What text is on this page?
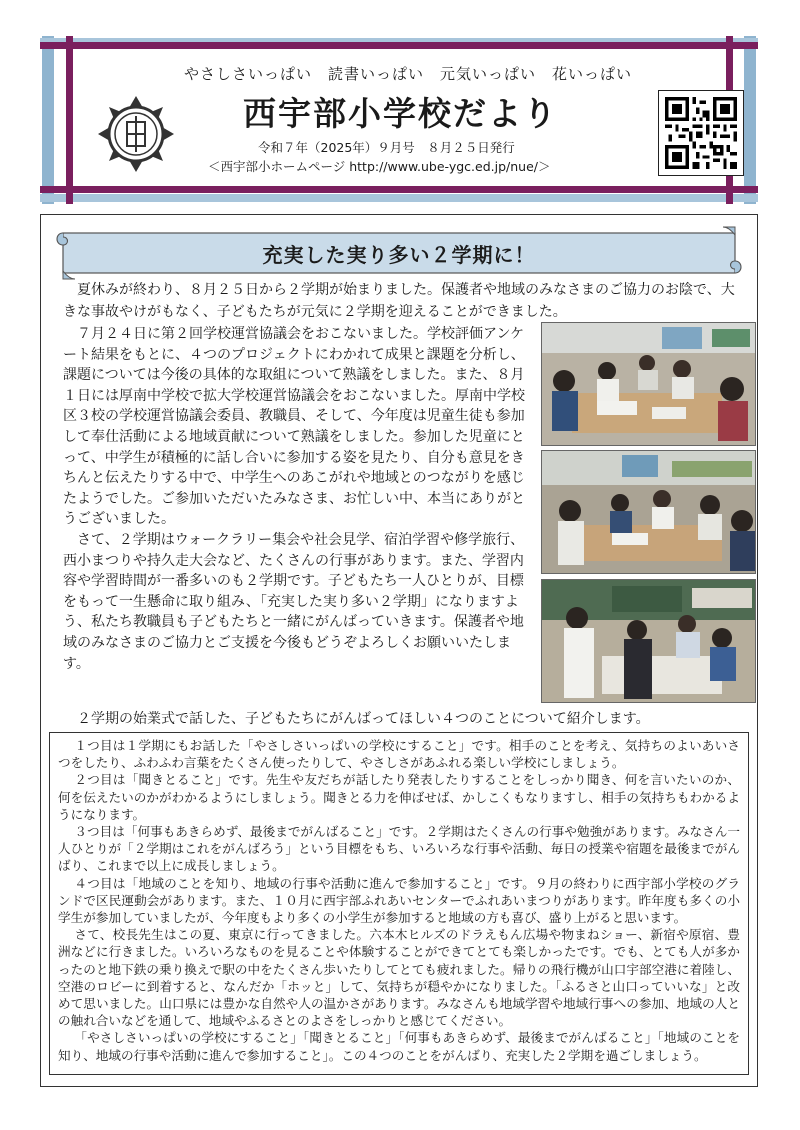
やさしさいっぱい　読書いっぱい　元気いっぱい　花いっぱい
西宇部小学校だより
令和７年（2025年）９月号　８月２５日発行
＜西宇部小ホームページ http://www.ube-ygc.ed.jp/nue/＞
充実した実り多い２学期に！

夏休みが終わり、８月２５日から２学期が始まりました。保護者や地域のみなさまのご協力のお陰で、大きな事故やけがもなく、子どもたちが元気に２学期を迎えることができました。

７月２４日に第２回学校運営協議会をおこないました。学校評価アンケート結果をもとに、４つのプロジェクトにわかれて成果と課題を分析し、課題については今後の具体的な取組について熟議をしました。また、８月１日には厚南中学校で拡大学校運営協議会をおこないました。厚南中学校区３校の学校運営協議会委員、教職員、そして、今年度は児童生徒も参加して奉仕活動による地域貢献について熟議をしました。参加した児童にとって、中学生が積極的に話し合いに参加する姿を見たり、自分も意見をきちんと伝えたりする中で、中学生へのあこがれや地域とのつながりを感じたようでした。ご参加いただいたみなさま、お忙しい中、本当にありがとうございました。

さて、２学期はウォークラリー集会や社会見学、宿泊学習や修学旅行、西小まつりや持久走大会など、たくさんの行事があります。また、学習内容や学習時間が一番多いのも２学期です。子どもたち一人ひとりが、目標をもって一生懸命に取り組み、「充実した実り多い２学期」になりますよう、私たち教職員も子どもたちと一緒にがんばっていきます。保護者や地域のみなさまのご協力とご支援を今後もどうぞよろしくお願いいたします。

２学期の始業式で話した、子どもたちにがんばってほしい４つのことについて紹介します。

１つ目は１学期にもお話した「やさしさいっぱいの学校にすること」です。相手のことを考え、気持ちのよいあいさつをしたり、ふわふわ言葉をたくさん使ったりして、やさしさがあふれる楽しい学校にしましょう。

２つ目は「聞きとること」です。先生や友だちが話したり発表したりすることをしっかり聞き、何を言いたいのか、何を伝えたいのかがわかるようにしましょう。聞きとる力を伸ばせば、かしこくもなりますし、相手の気持ちもわかるようになります。

３つ目は「何事もあきらめず、最後までがんばること」です。２学期はたくさんの行事や勉強があります。みなさん一人ひとりが「２学期はこれをがんばろう」という目標をもち、いろいろな行事や活動、毎日の授業や宿題を最後までがんばり、これまで以上に成長しましょう。

４つ目は「地域のことを知り、地域の行事や活動に進んで参加すること」です。９月の終わりに西宇部小学校のグランドで区民運動会があります。また、１０月に西宇部ふれあいセンターでふれあいまつりがあります。昨年度も多くの小学生が参加していましたが、今年度もより多くの小学生が参加すると地域の方も喜び、盛り上がると思います。

さて、校長先生はこの夏、東京に行ってきました。六本木ヒルズのドラえもん広場や物まねショー、新宿や原宿、豊洲などに行きました。いろいろなものを見ることや体験することができてとても楽しかったです。でも、とても人が多かったのと地下鉄の乗り換えで駅の中をたくさん歩いたりしてとても疲れました。帰りの飛行機が山口宇部空港に着陸し、空港のロビーに到着すると、なんだか「ホッと」して、気持ちが穏やかになりました。「ふるさと山口っていいな」と改めて思いました。山口県には豊かな自然や人の温かさがあります。みなさんも地域学習や地域行事への参加、地域の人との触れ合いなどを通して、地域やふるさとのよさをしっかりと感じてください。

「やさしさいっぱいの学校にすること」「聞きとること」「何事もあきらめず、最後までがんばること」「地域のことを知り、地域の行事や活動に進んで参加すること」。この４つのことをがんばり、充実した２学期を過ごしましょう。
